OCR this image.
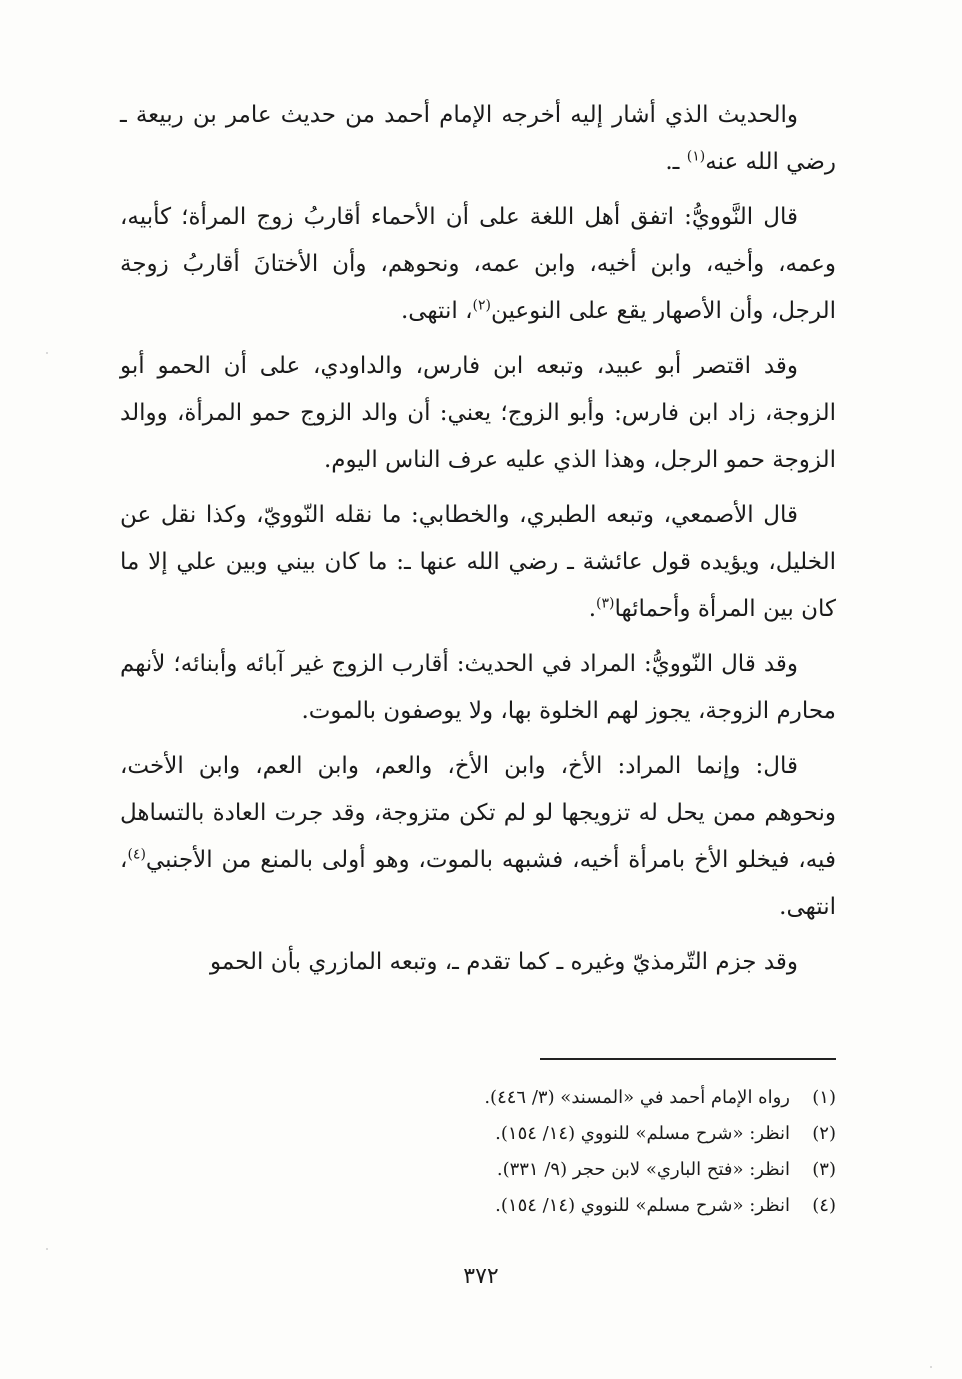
والحديث الذي أشار إليه أخرجه الإمام أحمد من حديث عامر بن ربيعة ـ رضي الله عنه$^{(١)}$ ـ.
قال النَّوويُّ: اتفق أهل اللغة على أن الأحماء أقاربُ زوج المرأة؛ كأبيه، وعمه، وأخيه، وابن أخيه، وابن عمه، ونحوهم، وأن الأختانَ أقاربُ زوجة الرجل، وأن الأصهار يقع على النوعين$^{(٢)}$، انتهى.
وقد اقتصر أبو عبيد، وتبعه ابن فارس، والداودي، على أن الحمو أبو الزوجة، زاد ابن فارس: وأبو الزوج؛ يعني: أن والد الزوج حمو المرأة، ووالد الزوجة حمو الرجل، وهذا الذي عليه عرف الناس اليوم.
قال الأصمعي، وتبعه الطبري، والخطابي: ما نقله النّوويّ، وكذا نقل عن الخليل، ويؤيده قول عائشة ـ رضي الله عنها ـ: ما كان بيني وبين علي إلا ما كان بين المرأة وأحمائها$^{(٣)}$.
وقد قال النّوويُّ: المراد في الحديث: أقارب الزوج غير آبائه وأبنائه؛ لأنهم محارم الزوجة، يجوز لهم الخلوة بها، ولا يوصفون بالموت.
قال: وإنما المراد: الأخ، وابن الأخ، والعم، وابن العم، وابن الأخت، ونحوهم ممن يحل له تزويجها لو لم تكن متزوجة، وقد جرت العادة بالتساهل فيه، فيخلو الأخ بامرأة أخيه، فشبهه بالموت، وهو أولى بالمنع من الأجنبي$^{(٤)}$، انتهى.
وقد جزم التّرمذيّ وغيره ـ كما تقدم ـ، وتبعه المازري بأن الحمو
(١)رواه الإمام أحمد في «المسند» (٣/ ٤٤٦).
(٢)انظر: «شرح مسلم» للنووي (١٤/ ١٥٤).
(٣)انظر: «فتح الباري» لابن حجر (٩/ ٣٣١).
(٤)انظر: «شرح مسلم» للنووي (١٤/ ١٥٤).
٣٧٢
